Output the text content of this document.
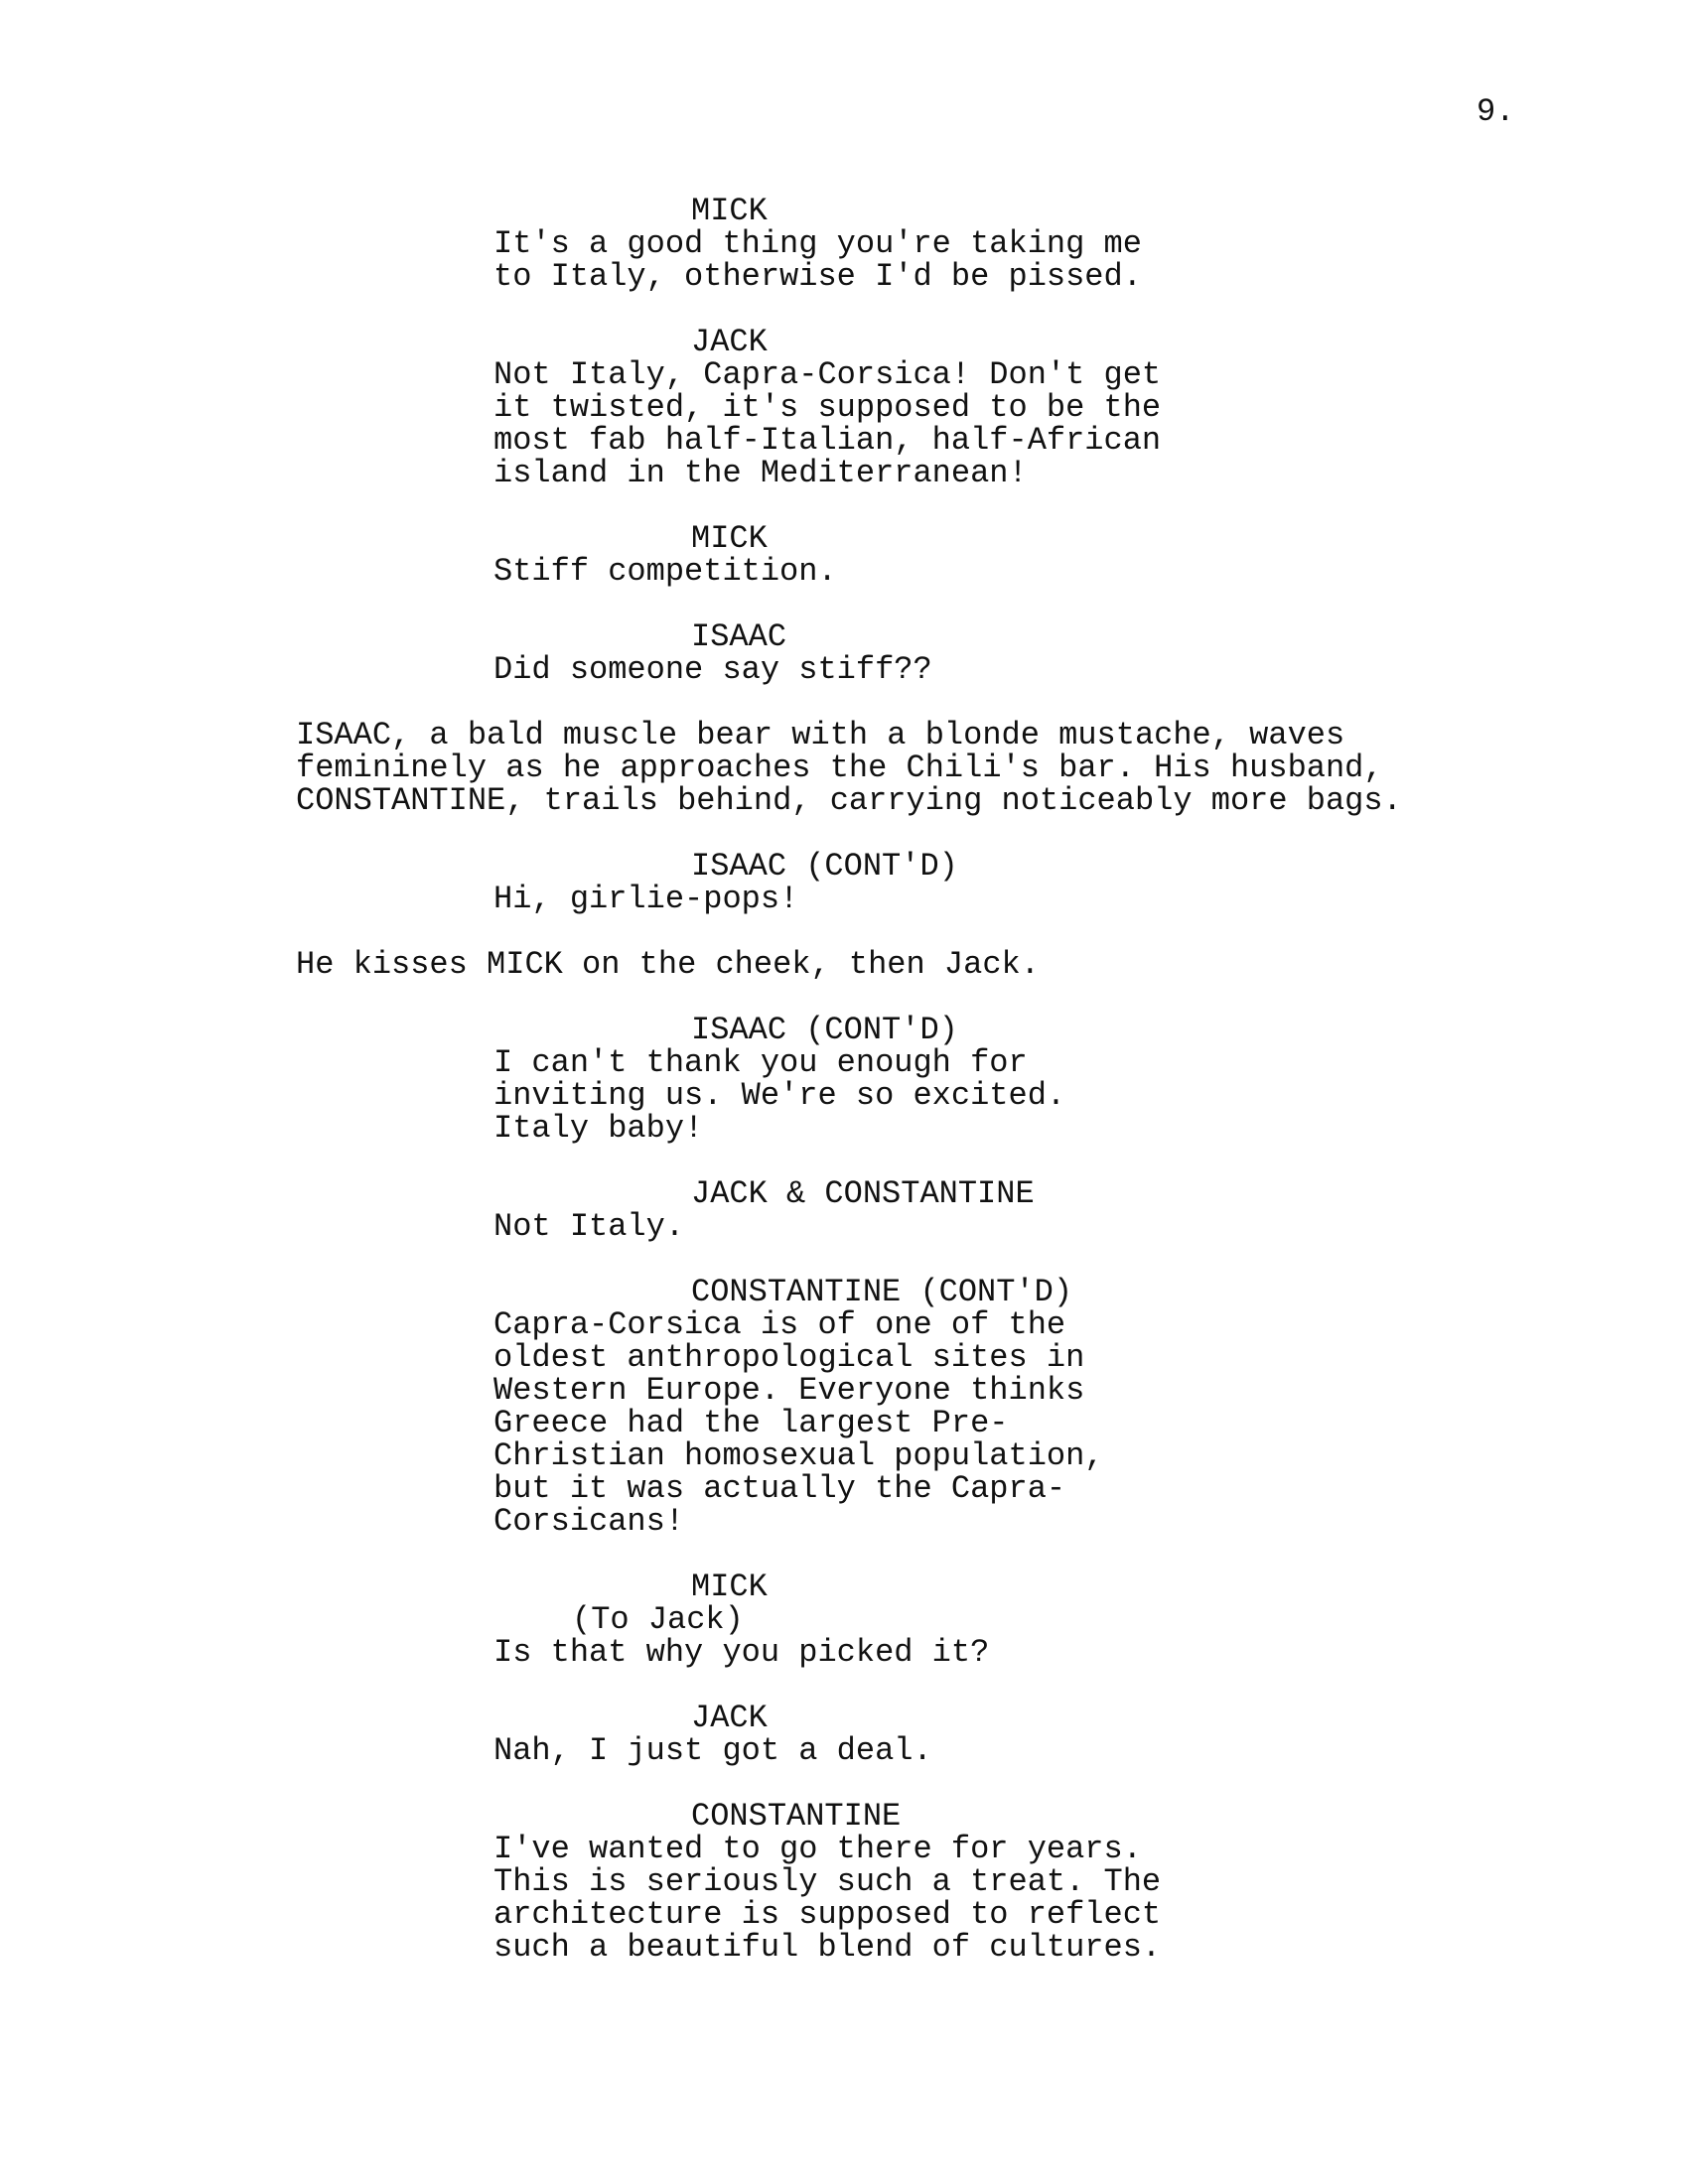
9.
MICK
It's a good thing you're taking me
to Italy, otherwise I'd be pissed.
JACK
Not Italy, Capra-Corsica! Don't get
it twisted, it's supposed to be the
most fab half-Italian, half-African
island in the Mediterranean!
MICK
Stiff competition.
ISAAC
Did someone say stiff??
ISAAC, a bald muscle bear with a blonde mustache, waves
femininely as he approaches the Chili's bar. His husband,
CONSTANTINE, trails behind, carrying noticeably more bags.
ISAAC (CONT'D)
Hi, girlie-pops!
He kisses MICK on the cheek, then Jack.
ISAAC (CONT'D)
I can't thank you enough for
inviting us. We're so excited.
Italy baby!
JACK & CONSTANTINE
Not Italy.
CONSTANTINE (CONT'D)
Capra-Corsica is of one of the
oldest anthropological sites in
Western Europe. Everyone thinks
Greece had the largest Pre-
Christian homosexual population,
but it was actually the Capra-
Corsicans!
MICK
(To Jack)
Is that why you picked it?
JACK
Nah, I just got a deal.
CONSTANTINE
I've wanted to go there for years.
This is seriously such a treat. The
architecture is supposed to reflect
such a beautiful blend of cultures.
